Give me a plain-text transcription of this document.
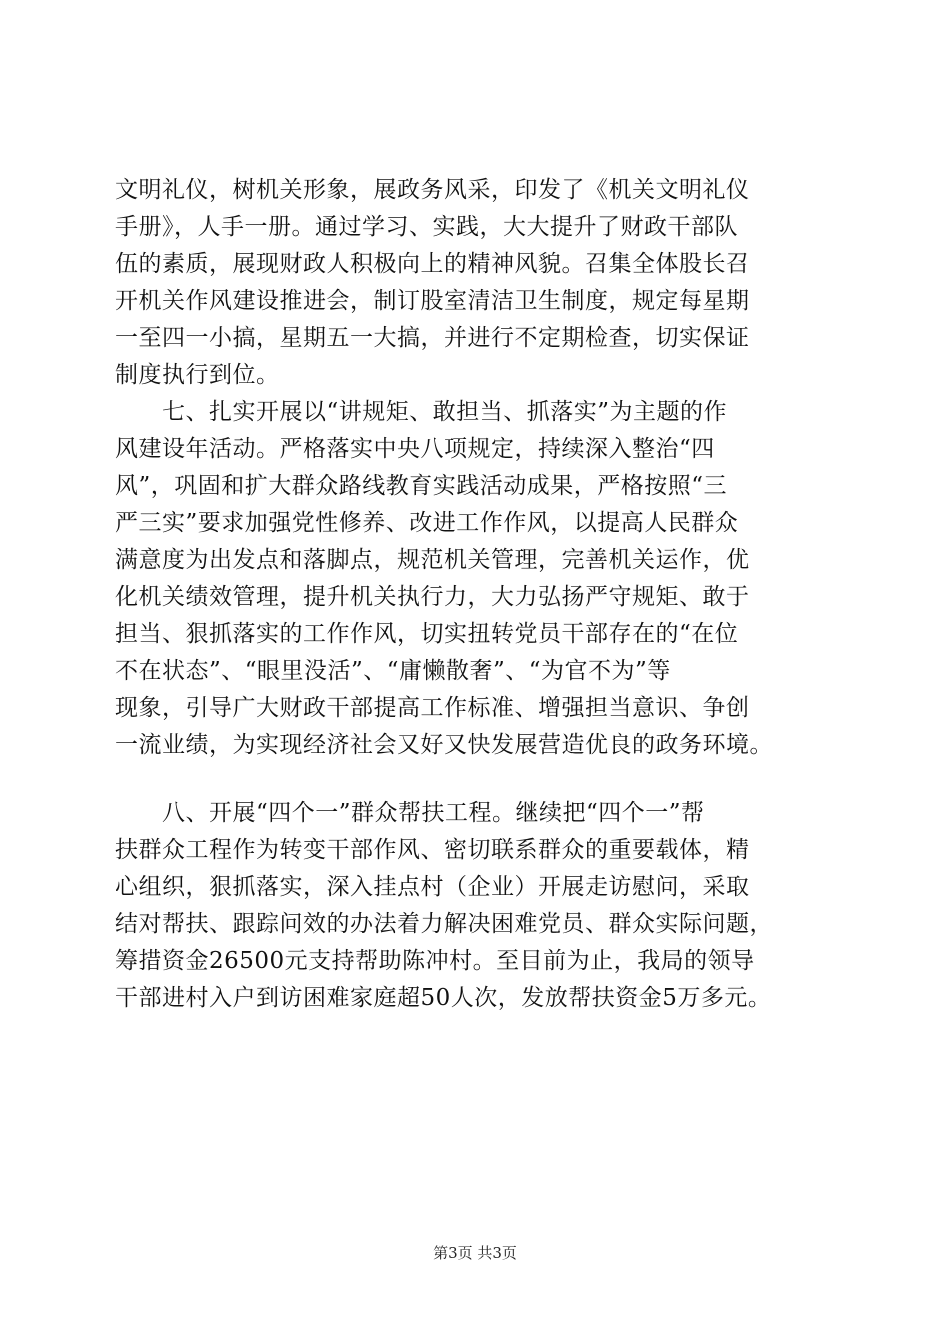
文明礼仪，树机关形象，展政务风采，印发了《机关文明礼仪
手册》，人手一册。通过学习、实践，大大提升了财政干部队
伍的素质，展现财政人积极向上的精神风貌。召集全体股长召
开机关作风建设推进会，制订股室清洁卫生制度，规定每星期
一至四一小搞，星期五一大搞，并进行不定期检查，切实保证
制度执行到位。
　　七、扎实开展以“讲规矩、敢担当、抓落实”为主题的作
风建设年活动。严格落实中央八项规定，持续深入整治“四
风”，巩固和扩大群众路线教育实践活动成果，严格按照“三
严三实”要求加强党性修养、改进工作作风，以提高人民群众
满意度为出发点和落脚点，规范机关管理，完善机关运作，优
化机关绩效管理，提升机关执行力，大力弘扬严守规矩、敢于
担当、狠抓落实的工作作风，切实扭转党员干部存在的“在位
不在状态”、“眼里没活”、“庸懒散奢”、“为官不为”等
现象，引导广大财政干部提高工作标准、增强担当意识、争创
一流业绩，为实现经济社会又好又快发展营造优良的政务环境。
　　八、开展“四个一”群众帮扶工程。继续把“四个一”帮
扶群众工程作为转变干部作风、密切联系群众的重要载体，精
心组织，狠抓落实，深入挂点村（企业）开展走访慰问，采取
结对帮扶、跟踪问效的办法着力解决困难党员、群众实际问题，
筹措资金26500元支持帮助陈冲村。至目前为止，我局的领导
干部进村入户到访困难家庭超50人次，发放帮扶资金5万多元。
第3页 共3页
